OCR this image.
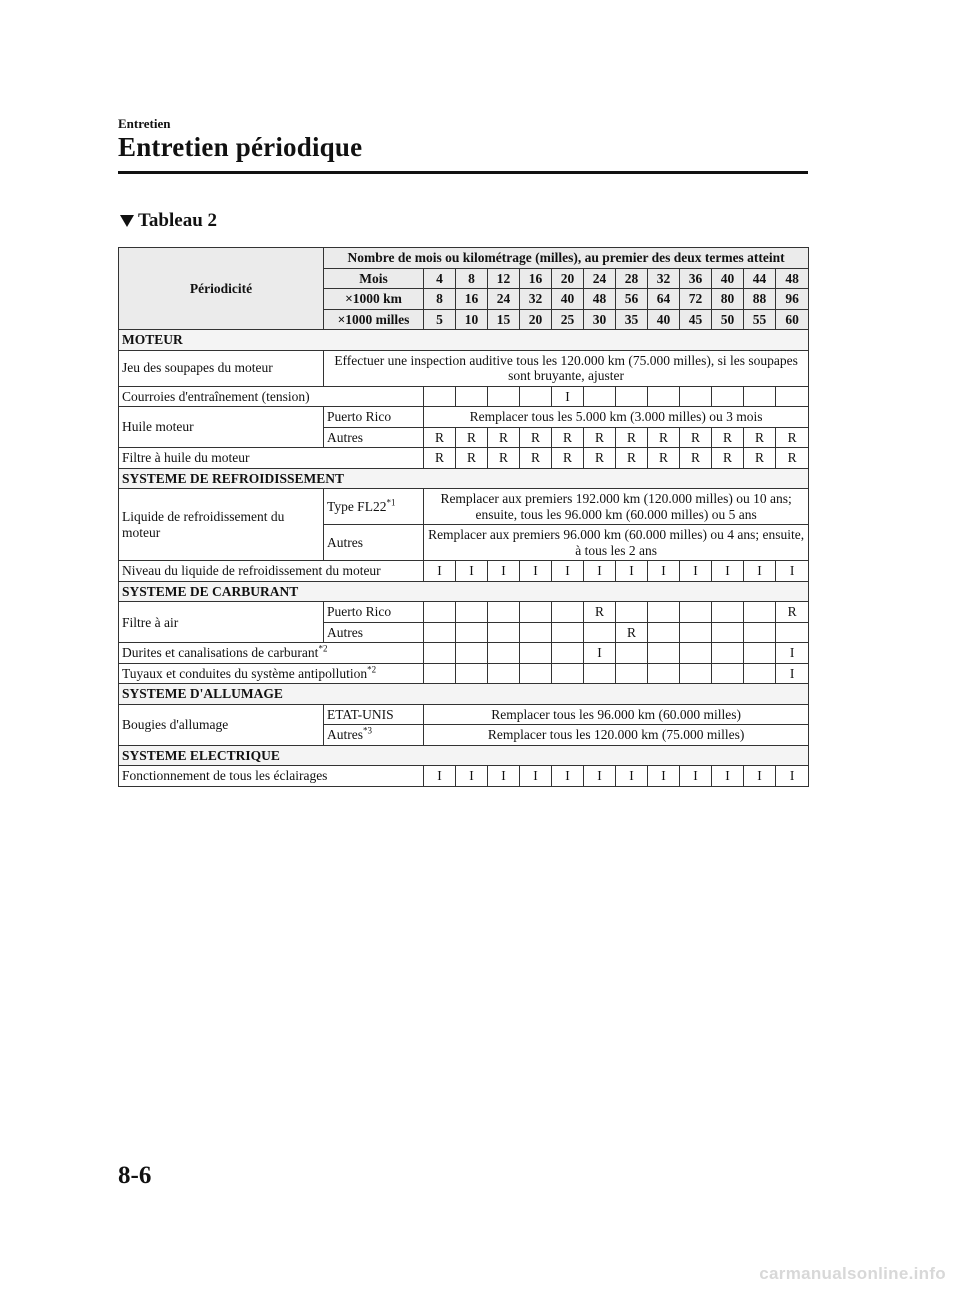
Entretien
Entretien périodique
Tableau 2
Périodicité	Nombre de mois ou kilométrage (milles), au premier des deux termes atteint												
	Mois	4	8	12	16	20	24	28	32	36	40	44	48
	×1000 km	8	16	24	32	40	48	56	64	72	80	88	96
	×1000 milles	5	10	15	20	25	30	35	40	45	50	55	60
MOTEUR													
Jeu des soupapes du moteur	Effectuer une inspection auditive tous les 120.000 km (75.000 milles), si les soupapes sont bruyante, ajuster												
Courroies d'entraînement (tension)						I							
Huile moteur	Puerto Rico	Remplacer tous les 5.000 km (3.000 milles) ou 3 mois											
	Autres	R	R	R	R	R	R	R	R	R	R	R	R
Filtre à huile du moteur		R	R	R	R	R	R	R	R	R	R	R	R
SYSTEME DE REFROIDISSEMENT													
Liquide de refroidissement du moteur	Type FL22$^{*1}$	Remplacer aux premiers 192.000 km (120.000 milles) ou 10 ans;
ensuite, tous les 96.000 km (60.000 milles) ou 5 ans											
	Autres	Remplacer aux premiers 96.000 km (60.000 milles) ou 4 ans; ensuite, à tous les 2 ans											
Niveau du liquide de refroidissement du moteur		I	I	I	I	I	I	I	I	I	I	I	I
SYSTEME DE CARBURANT													
Filtre à air	Puerto Rico						R						R
	Autres							R					
Durites et canalisations de carburant$^{*2}$							I						I
Tuyaux et conduites du système antipollution$^{*2}$													I
SYSTEME D'ALLUMAGE													
Bougies d'allumage	ETAT-UNIS	Remplacer tous les 96.000 km (60.000 milles)											
	Autres$^{*3}$	Remplacer tous les 120.000 km (75.000 milles)											
SYSTEME ELECTRIQUE													
Fonctionnement de tous les éclairages		I	I	I	I	I	I	I	I	I	I	I	I
8-6
carmanualsonline.info
